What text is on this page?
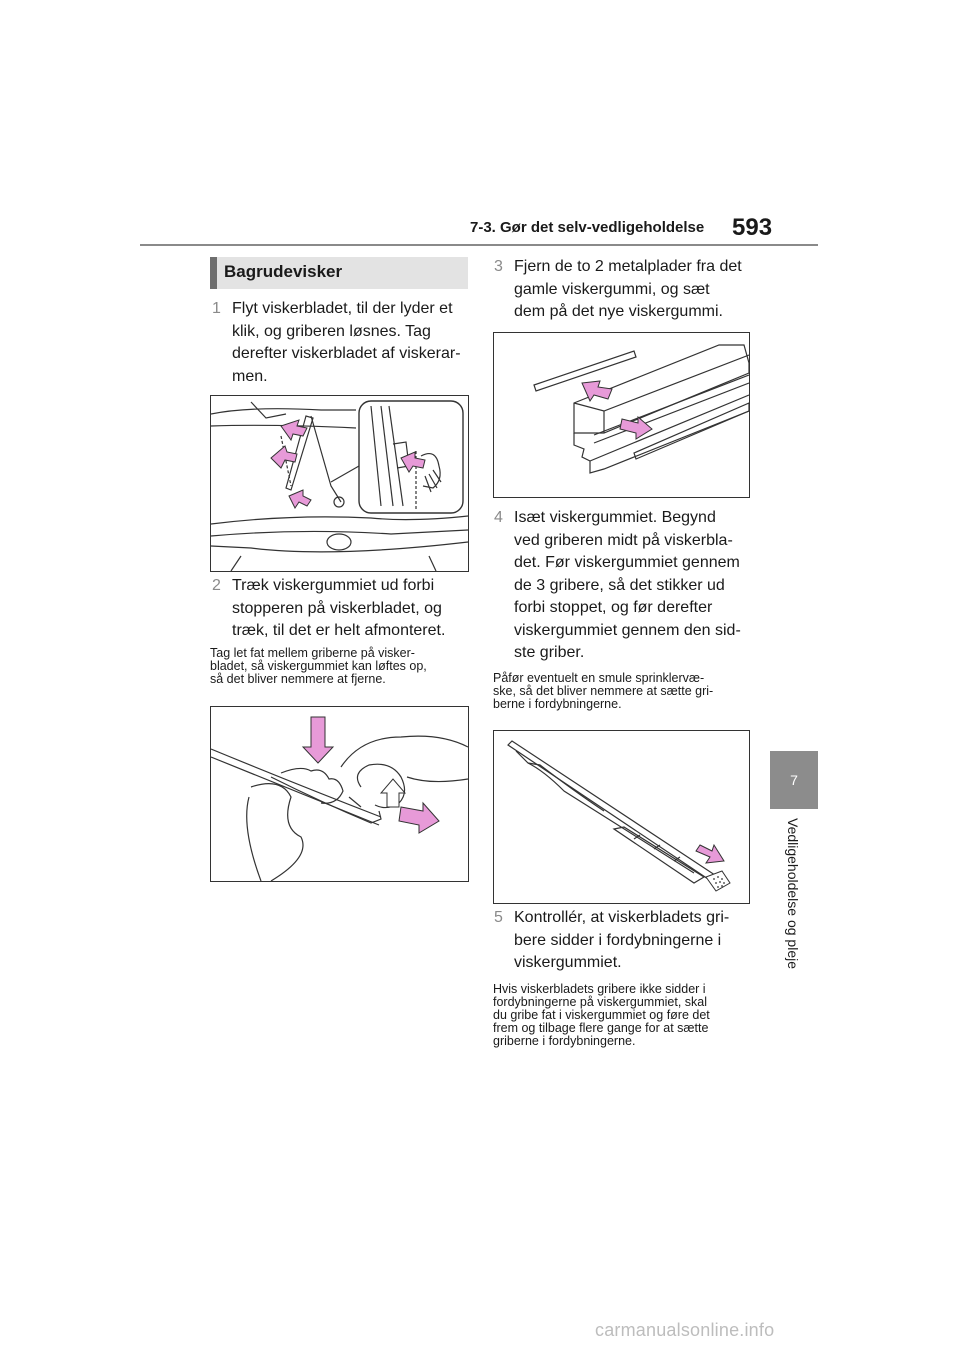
7-3. Gør det selv-vedligeholdelse 593
7
Vedligeholdelse og pleje
Bagrudevisker
1 Flyt viskerbladet, til der lyder et
klik, og griberen løsnes. Tag
derefter viskerbladet af viskerar-
men.
2 Træk viskergummiet ud forbi
stopperen på viskerbladet, og
træk, til det er helt afmonteret.
Tag let fat mellem griberne på visker-
bladet, så viskergummiet kan løftes op,
så det bliver nemmere at fjerne.
3 Fjern de to 2 metalplader fra det
gamle viskergummi, og sæt
dem på det nye viskergummi.
4 Isæt viskergummiet. Begynd
ved griberen midt på viskerbla-
det. Før viskergummiet gennem
de 3 gribere, så det stikker ud
forbi stoppet, og før derefter
viskergummiet gennem den sid-
ste griber.
Påfør eventuelt en smule sprinklervæ-
ske, så det bliver nemmere at sætte gri-
berne i fordybningerne.
5 Kontrollér, at viskerbladets gri-
bere sidder i fordybningerne i
viskergummiet.
Hvis viskerbladets gribere ikke sidder i
fordybningerne på viskergummiet, skal
du gribe fat i viskergummiet og føre det
frem og tilbage flere gange for at sætte
griberne i fordybningerne.
carmanualsonline.info
